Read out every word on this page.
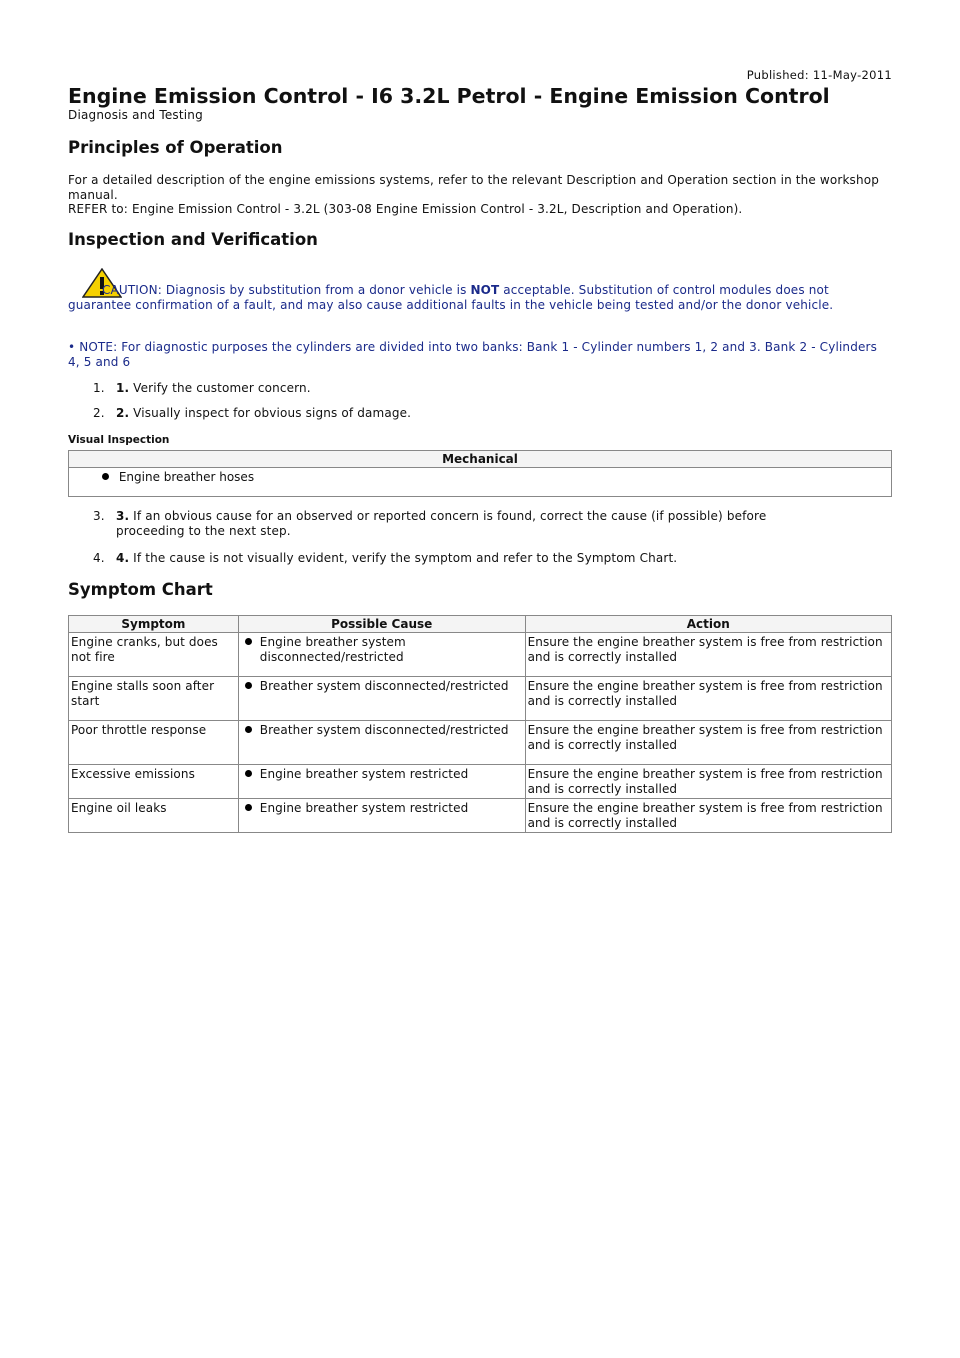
Published: 11-May-2011
Engine Emission Control - I6 3.2L Petrol - Engine Emission Control
Diagnosis and Testing
Principles of Operation
For a detailed description of the engine emissions systems, refer to the relevant Description and Operation section in the workshop manual.
REFER to: Engine Emission Control - 3.2L (303-08 Engine Emission Control - 3.2L, Description and Operation).
Inspection and Verification
CAUTION: Diagnosis by substitution from a donor vehicle is NOT acceptable. Substitution of control modules does not guarantee confirmation of a fault, and may also cause additional faults in the vehicle being tested and/or the donor vehicle.
• NOTE: For diagnostic purposes the cylinders are divided into two banks: Bank 1 - Cylinder numbers 1, 2 and 3. Bank 2 - Cylinders 4, 5 and 6
1. 1. Verify the customer concern.
2. 2. Visually inspect for obvious signs of damage.
Visual Inspection
Mechanical
Engine breather hoses
3. 3. If an obvious cause for an observed or reported concern is found, correct the cause (if possible) before proceeding to the next step.
4. 4. If the cause is not visually evident, verify the symptom and refer to the Symptom Chart.
Symptom Chart
Symptom	Possible Cause	Action
Engine cranks, but does not fire	Engine breather system disconnected/restricted	Ensure the engine breather system is free from restriction and is correctly installed
Engine stalls soon after start	Breather system disconnected/restricted	Ensure the engine breather system is free from restriction and is correctly installed
Poor throttle response	Breather system disconnected/restricted	Ensure the engine breather system is free from restriction and is correctly installed
Excessive emissions	Engine breather system restricted	Ensure the engine breather system is free from restriction and is correctly installed
Engine oil leaks	Engine breather system restricted	Ensure the engine breather system is free from restriction and is correctly installed
